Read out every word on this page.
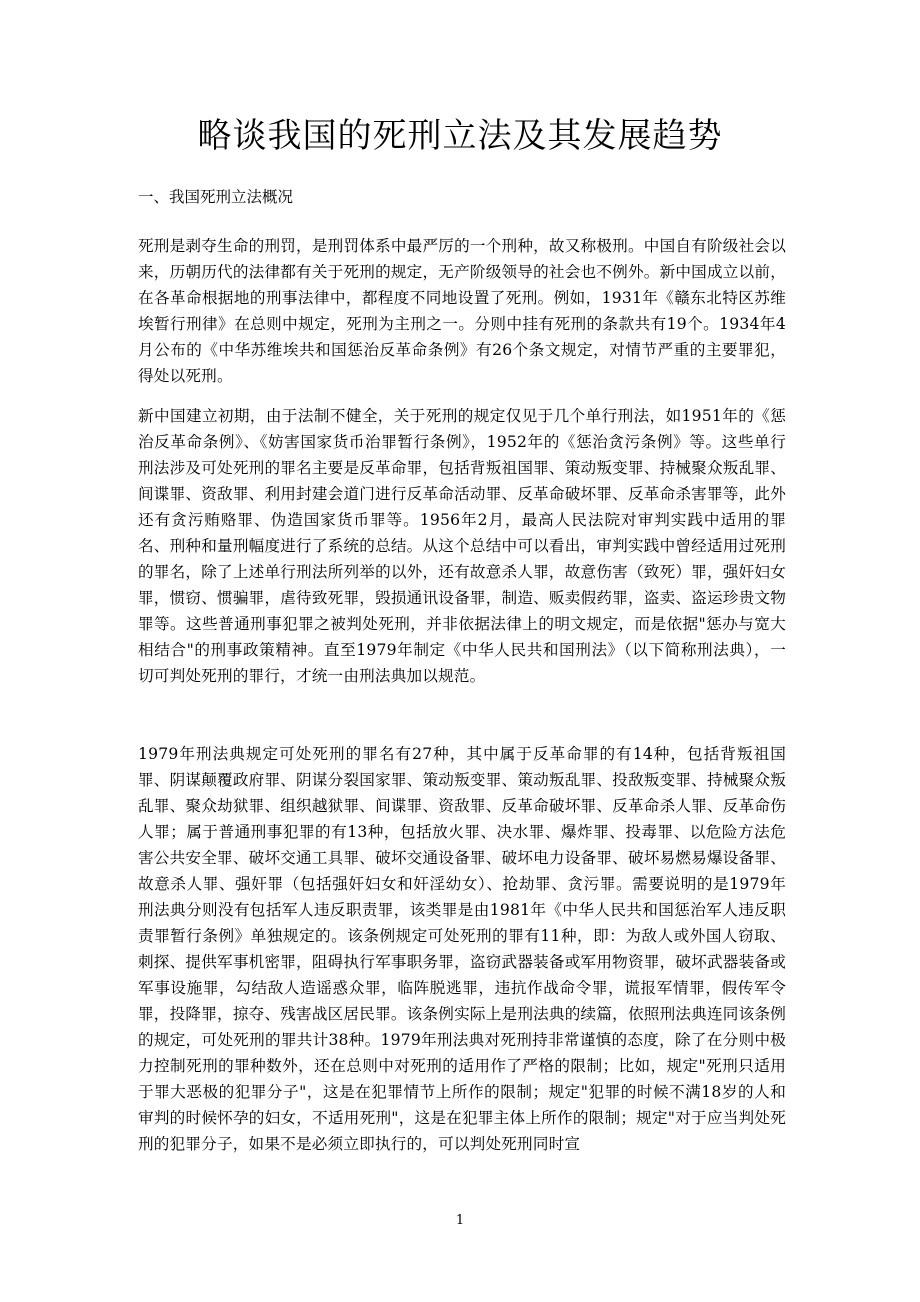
略谈我国的死刑立法及其发展趋势
一、我国死刑立法概况
死刑是剥夺生命的刑罚，是刑罚体系中最严厉的一个刑种，故又称极刑。中国自有阶级社会以来，历朝历代的法律都有关于死刑的规定，无产阶级领导的社会也不例外。新中国成立以前，在各革命根据地的刑事法律中，都程度不同地设置了死刑。例如，1931年《赣东北特区苏维埃暂行刑律》在总则中规定，死刑为主刑之一。分则中挂有死刑的条款共有19个。1934年4月公布的《中华苏维埃共和国惩治反革命条例》有26个条文规定，对情节严重的主要罪犯，得处以死刑。
新中国建立初期，由于法制不健全，关于死刑的规定仅见于几个单行刑法，如1951年的《惩治反革命条例》、《妨害国家货币治罪暂行条例》，1952年的《惩治贪污条例》等。这些单行刑法涉及可处死刑的罪名主要是反革命罪，包括背叛祖国罪、策动叛变罪、持械聚众叛乱罪、间谍罪、资敌罪、利用封建会道门进行反革命活动罪、反革命破坏罪、反革命杀害罪等，此外还有贪污贿赂罪、伪造国家货币罪等。1956年2月，最高人民法院对审判实践中适用的罪名、刑种和量刑幅度进行了系统的总结。从这个总结中可以看出，审判实践中曾经适用过死刑的罪名，除了上述单行刑法所列举的以外，还有故意杀人罪，故意伤害（致死）罪，强奸妇女罪，惯窃、惯骗罪，虐待致死罪，毁损通讯设备罪，制造、贩卖假药罪，盗卖、盗运珍贵文物罪等。这些普通刑事犯罪之被判处死刑，并非依据法律上的明文规定，而是依据"惩办与宽大相结合"的刑事政策精神。直至1979年制定《中华人民共和国刑法》（以下简称刑法典），一切可判处死刑的罪行，才统一由刑法典加以规范。
1979年刑法典规定可处死刑的罪名有27种，其中属于反革命罪的有14种，包括背叛祖国罪、阴谋颠覆政府罪、阴谋分裂国家罪、策动叛变罪、策动叛乱罪、投敌叛变罪、持械聚众叛乱罪、聚众劫狱罪、组织越狱罪、间谍罪、资敌罪、反革命破坏罪、反革命杀人罪、反革命伤人罪；属于普通刑事犯罪的有13种，包括放火罪、决水罪、爆炸罪、投毒罪、以危险方法危害公共安全罪、破坏交通工具罪、破坏交通设备罪、破坏电力设备罪、破坏易燃易爆设备罪、故意杀人罪、强奸罪（包括强奸妇女和奸淫幼女）、抢劫罪、贪污罪。需要说明的是1979年刑法典分则没有包括军人违反职责罪，该类罪是由1981年《中华人民共和国惩治军人违反职责罪暂行条例》单独规定的。该条例规定可处死刑的罪有11种，即：为敌人或外国人窃取、刺探、提供军事机密罪，阻碍执行军事职务罪，盗窃武器装备或军用物资罪，破坏武器装备或军事设施罪，勾结敌人造谣惑众罪，临阵脱逃罪，违抗作战命令罪，谎报军情罪，假传军令罪，投降罪，掠夺、残害战区居民罪。该条例实际上是刑法典的续篇，依照刑法典连同该条例的规定，可处死刑的罪共计38种。1979年刑法典对死刑持非常谨慎的态度，除了在分则中极力控制死刑的罪种数外，还在总则中对死刑的适用作了严格的限制；比如，规定"死刑只适用于罪大恶极的犯罪分子"，这是在犯罪情节上所作的限制；规定"犯罪的时候不满18岁的人和审判的时候怀孕的妇女，不适用死刑"，这是在犯罪主体上所作的限制；规定"对于应当判处死刑的犯罪分子，如果不是必须立即执行的，可以判处死刑同时宣
1
